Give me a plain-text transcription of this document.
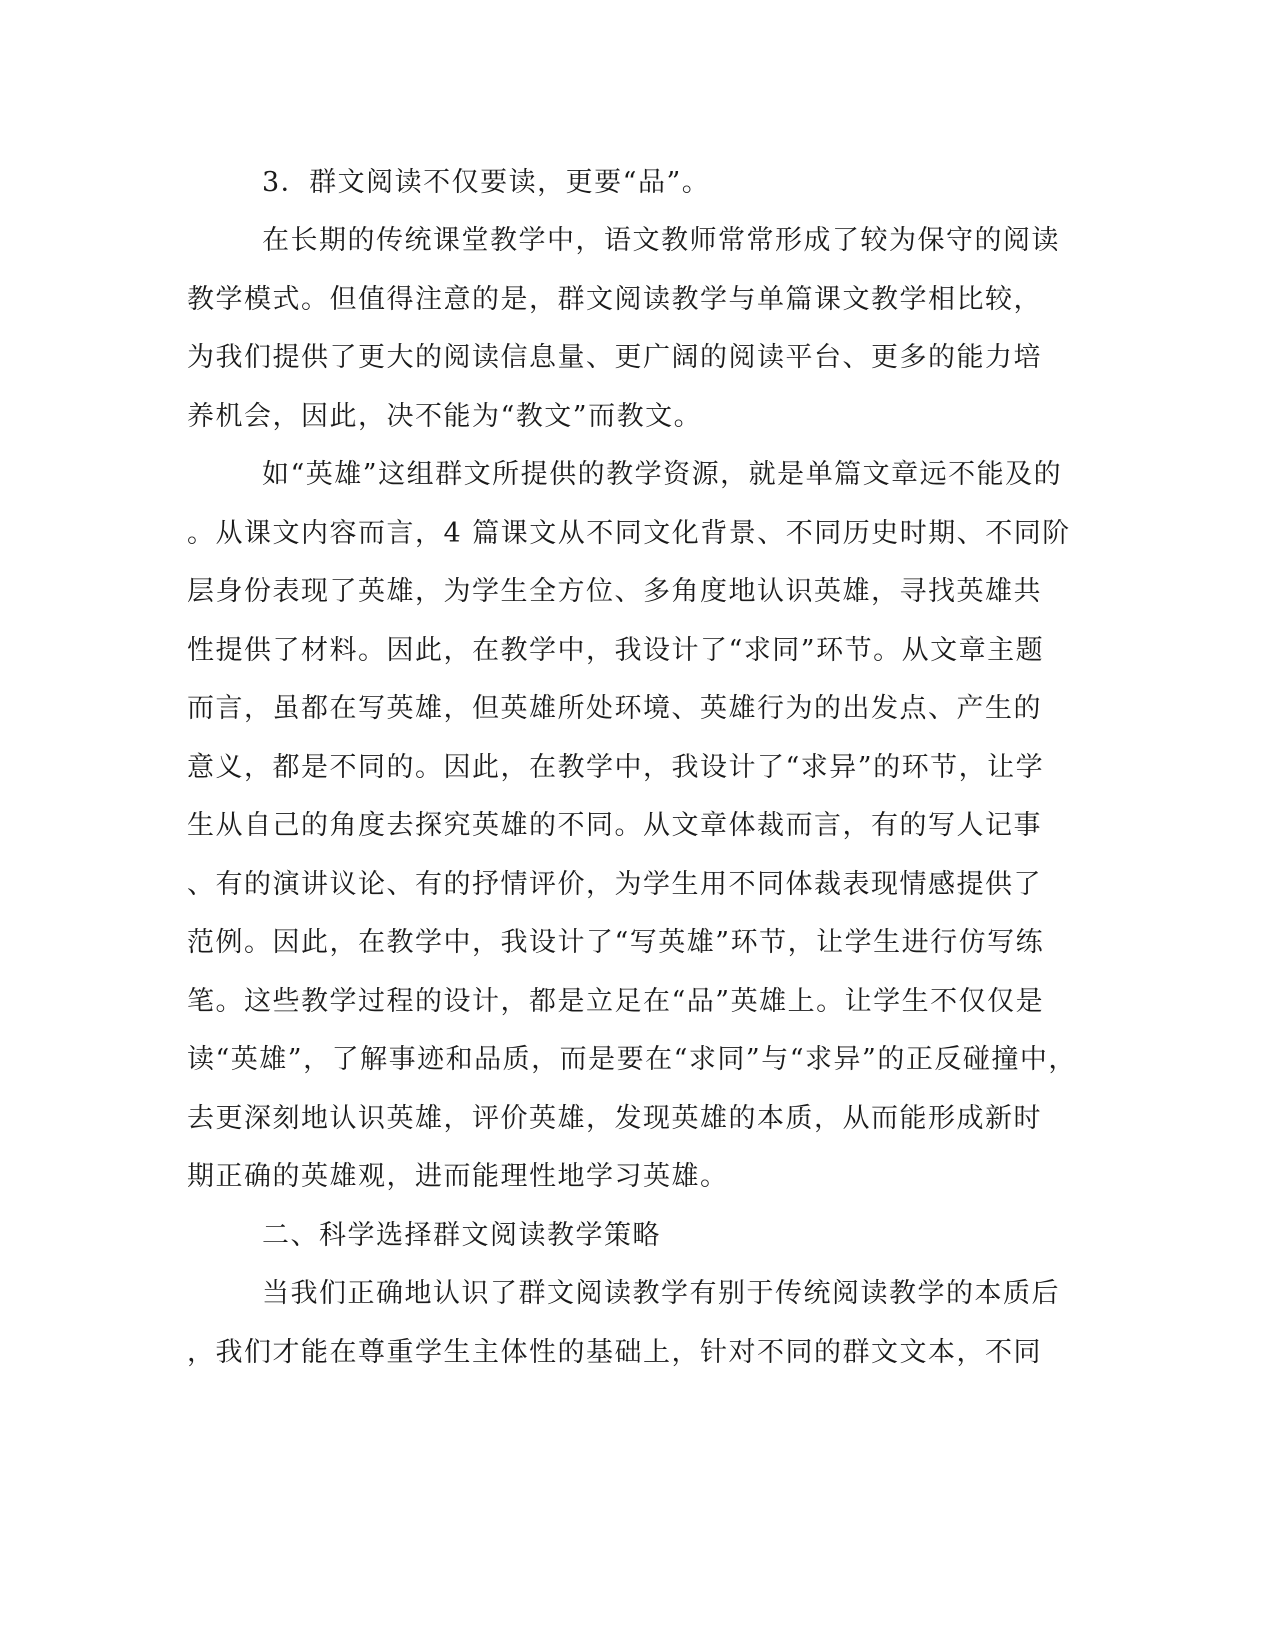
3．群文阅读不仅要读，更要“品”。
在长期的传统课堂教学中，语文教师常常形成了较为保守的阅读
教学模式。但值得注意的是，群文阅读教学与单篇课文教学相比较，
为我们提供了更大的阅读信息量、更广阔的阅读平台、更多的能力培
养机会，因此，决不能为“教文”而教文。
如“英雄”这组群文所提供的教学资源，就是单篇文章远不能及的
。从课文内容而言，4 篇课文从不同文化背景、不同历史时期、不同阶
层身份表现了英雄，为学生全方位、多角度地认识英雄，寻找英雄共
性提供了材料。因此，在教学中，我设计了“求同”环节。从文章主题
而言，虽都在写英雄，但英雄所处环境、英雄行为的出发点、产生的
意义，都是不同的。因此，在教学中，我设计了“求异”的环节，让学
生从自己的角度去探究英雄的不同。从文章体裁而言，有的写人记事
、有的演讲议论、有的抒情评价，为学生用不同体裁表现情感提供了
范例。因此，在教学中，我设计了“写英雄”环节，让学生进行仿写练
笔。这些教学过程的设计，都是立足在“品”英雄上。让学生不仅仅是
读“英雄”，了解事迹和品质，而是要在“求同”与“求异”的正反碰撞中，
去更深刻地认识英雄，评价英雄，发现英雄的本质，从而能形成新时
期正确的英雄观，进而能理性地学习英雄。
二、科学选择群文阅读教学策略
当我们正确地认识了群文阅读教学有别于传统阅读教学的本质后
，我们才能在尊重学生主体性的基础上，针对不同的群文文本，不同
